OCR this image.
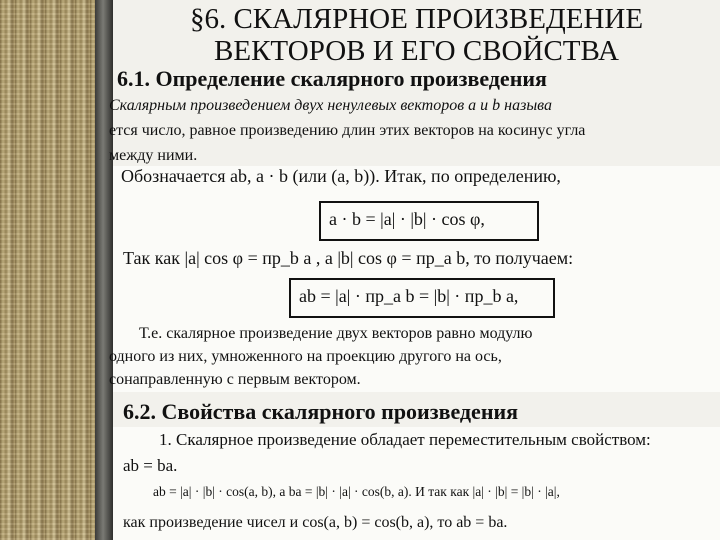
§6. СКАЛЯРНОЕ ПРОИЗВЕДЕНИЕ
ВЕКТОРОВ И ЕГО СВОЙСТВА
6.1. Определение скалярного произведения
Скалярным произведением двух ненулевых векторов a и b называ
ется число, равное произведению длин этих векторов на косинус угла
между ними.
Обозначается ab, a · b (или (a, b)). Итак, по определению,
a · b = |a| · |b| · cos φ,
Так как |a| cos φ = пр_b a , а |b| cos φ = пр_a b, то получаем:
ab = |a| · пр_a b = |b| · пр_b a,
Т.е. скалярное произведение двух векторов равно модулю
одного из них, умноженного на проекцию другого на ось,
сонаправленную с первым вектором.
6.2. Свойства скалярного произведения
1. Скалярное произведение обладает переместительным свойством:
ab = ba.
ab = |a| · |b| · cos(a, b), а ba = |b| · |a| · cos(b, a). И так как |a| · |b| = |b| · |a|,
как произведение чисел и cos(a, b) = cos(b, a), то ab = ba.
